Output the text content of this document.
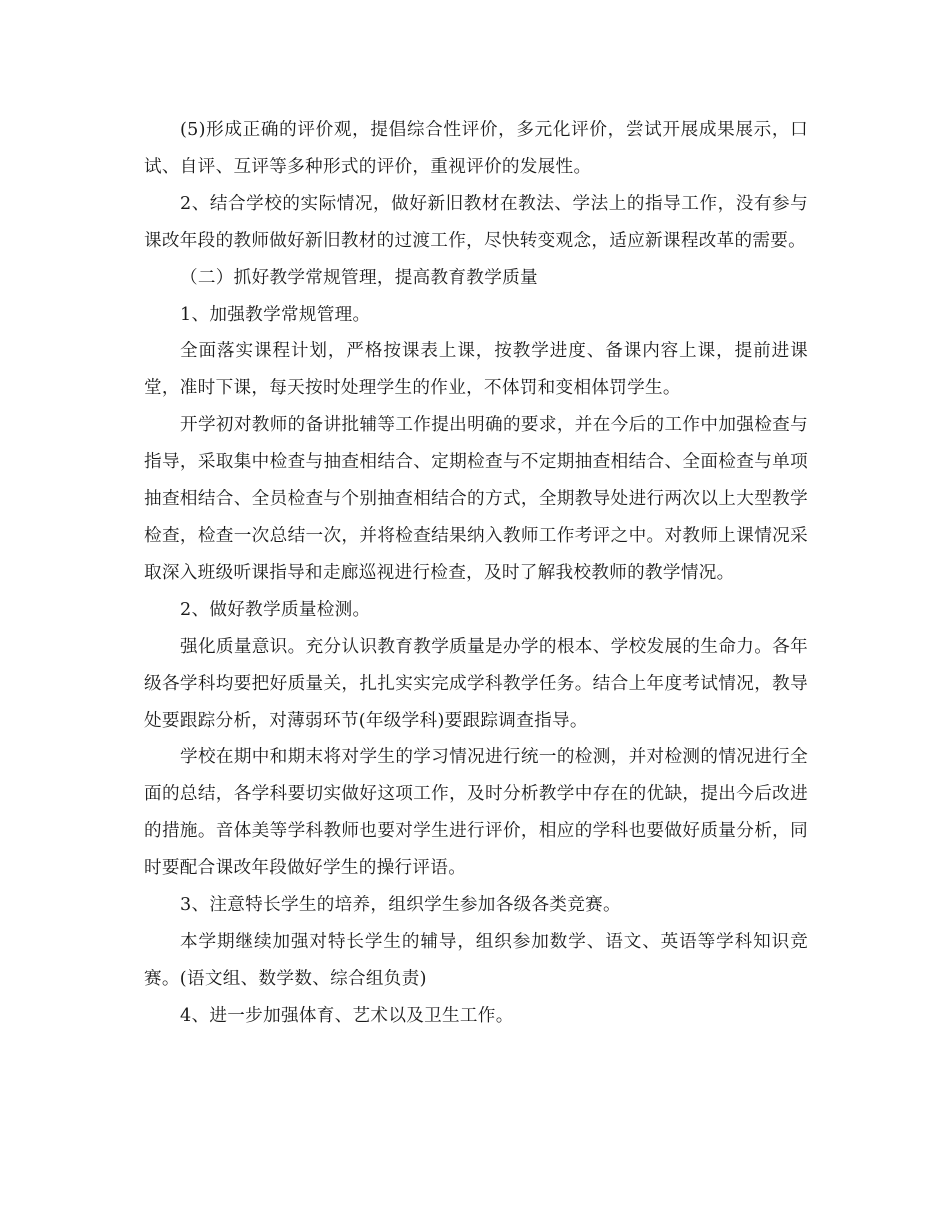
(5)形成正确的评价观，提倡综合性评价，多元化评价，尝试开展成果展示，口试、自评、互评等多种形式的评价，重视评价的发展性。

2、结合学校的实际情况，做好新旧教材在教法、学法上的指导工作，没有参与课改年段的教师做好新旧教材的过渡工作，尽快转变观念，适应新课程改革的需要。

（二）抓好教学常规管理，提高教育教学质量

1、加强教学常规管理。

全面落实课程计划，严格按课表上课，按教学进度、备课内容上课，提前进课堂，准时下课，每天按时处理学生的作业，不体罚和变相体罚学生。

开学初对教师的备讲批辅等工作提出明确的要求，并在今后的工作中加强检查与指导，采取集中检查与抽查相结合、定期检查与不定期抽查相结合、全面检查与单项抽查相结合、全员检查与个别抽查相结合的方式，全期教导处进行两次以上大型教学检查，检查一次总结一次，并将检查结果纳入教师工作考评之中。对教师上课情况采取深入班级听课指导和走廊巡视进行检查，及时了解我校教师的教学情况。

2、做好教学质量检测。

强化质量意识。充分认识教育教学质量是办学的根本、学校发展的生命力。各年级各学科均要把好质量关，扎扎实实完成学科教学任务。结合上年度考试情况，教导处要跟踪分析，对薄弱环节(年级学科)要跟踪调查指导。

学校在期中和期末将对学生的学习情况进行统一的检测，并对检测的情况进行全面的总结，各学科要切实做好这项工作，及时分析教学中存在的优缺，提出今后改进的措施。音体美等学科教师也要对学生进行评价，相应的学科也要做好质量分析，同时要配合课改年段做好学生的操行评语。

3、注意特长学生的培养，组织学生参加各级各类竞赛。

本学期继续加强对特长学生的辅导，组织参加数学、语文、英语等学科知识竞赛。(语文组、数学数、综合组负责)

4、进一步加强体育、艺术以及卫生工作。
